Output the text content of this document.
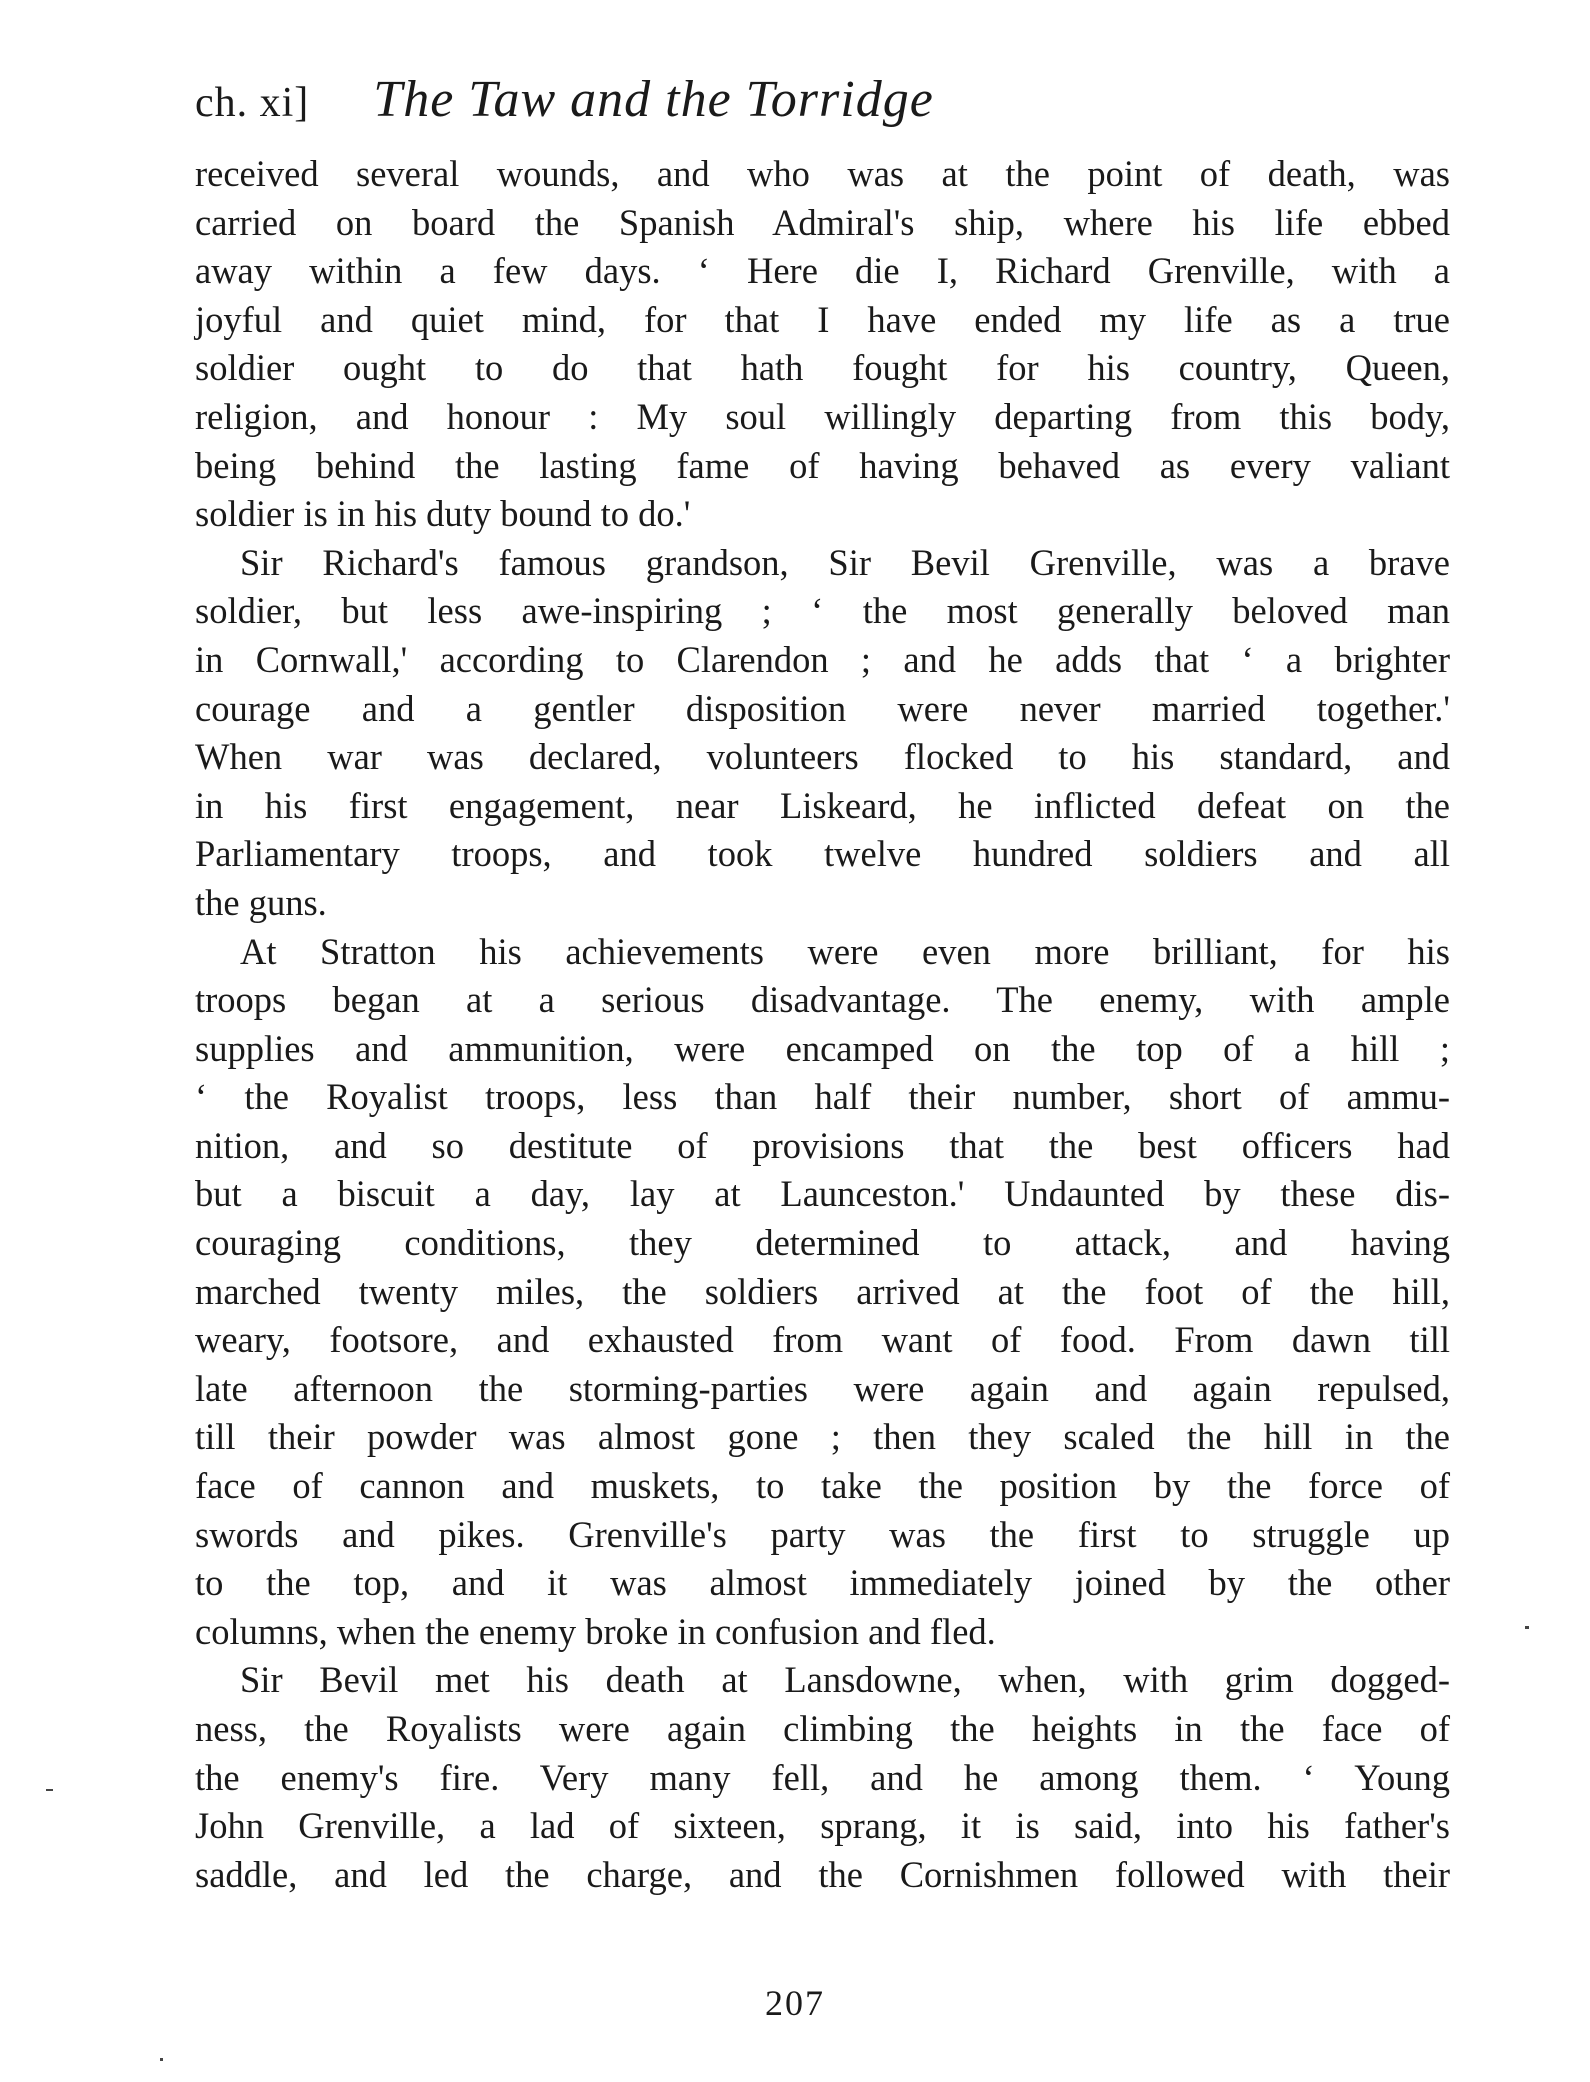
ch. xi] The Taw and the Torridge
received several wounds, and who was at the point of death, was
carried on board the Spanish Admiral's ship, where his life ebbed
away within a few days. ‘ Here die I, Richard Grenville, with a
joyful and quiet mind, for that I have ended my life as a true
soldier ought to do that hath fought for his country, Queen,
religion, and honour : My soul willingly departing from this body,
being behind the lasting fame of having behaved as every valiant
soldier is in his duty bound to do.'
Sir Richard's famous grandson, Sir Bevil Grenville, was a brave
soldier, but less awe-inspiring ; ‘ the most generally beloved man
in Cornwall,' according to Clarendon ; and he adds that ‘ a brighter
courage and a gentler disposition were never married together.'
When war was declared, volunteers flocked to his standard, and
in his first engagement, near Liskeard, he inflicted defeat on the
Parliamentary troops, and took twelve hundred soldiers and all
the guns.
At Stratton his achievements were even more brilliant, for his
troops began at a serious disadvantage. The enemy, with ample
supplies and ammunition, were encamped on the top of a hill ;
‘ the Royalist troops, less than half their number, short of ammu-
nition, and so destitute of provisions that the best officers had
but a biscuit a day, lay at Launceston.' Undaunted by these dis-
couraging conditions, they determined to attack, and having
marched twenty miles, the soldiers arrived at the foot of the hill,
weary, footsore, and exhausted from want of food. From dawn till
late afternoon the storming-parties were again and again repulsed,
till their powder was almost gone ; then they scaled the hill in the
face of cannon and muskets, to take the position by the force of
swords and pikes. Grenville's party was the first to struggle up
to the top, and it was almost immediately joined by the other
columns, when the enemy broke in confusion and fled.
Sir Bevil met his death at Lansdowne, when, with grim dogged-
ness, the Royalists were again climbing the heights in the face of
the enemy's fire. Very many fell, and he among them. ‘ Young
John Grenville, a lad of sixteen, sprang, it is said, into his father's
saddle, and led the charge, and the Cornishmen followed with their
207
